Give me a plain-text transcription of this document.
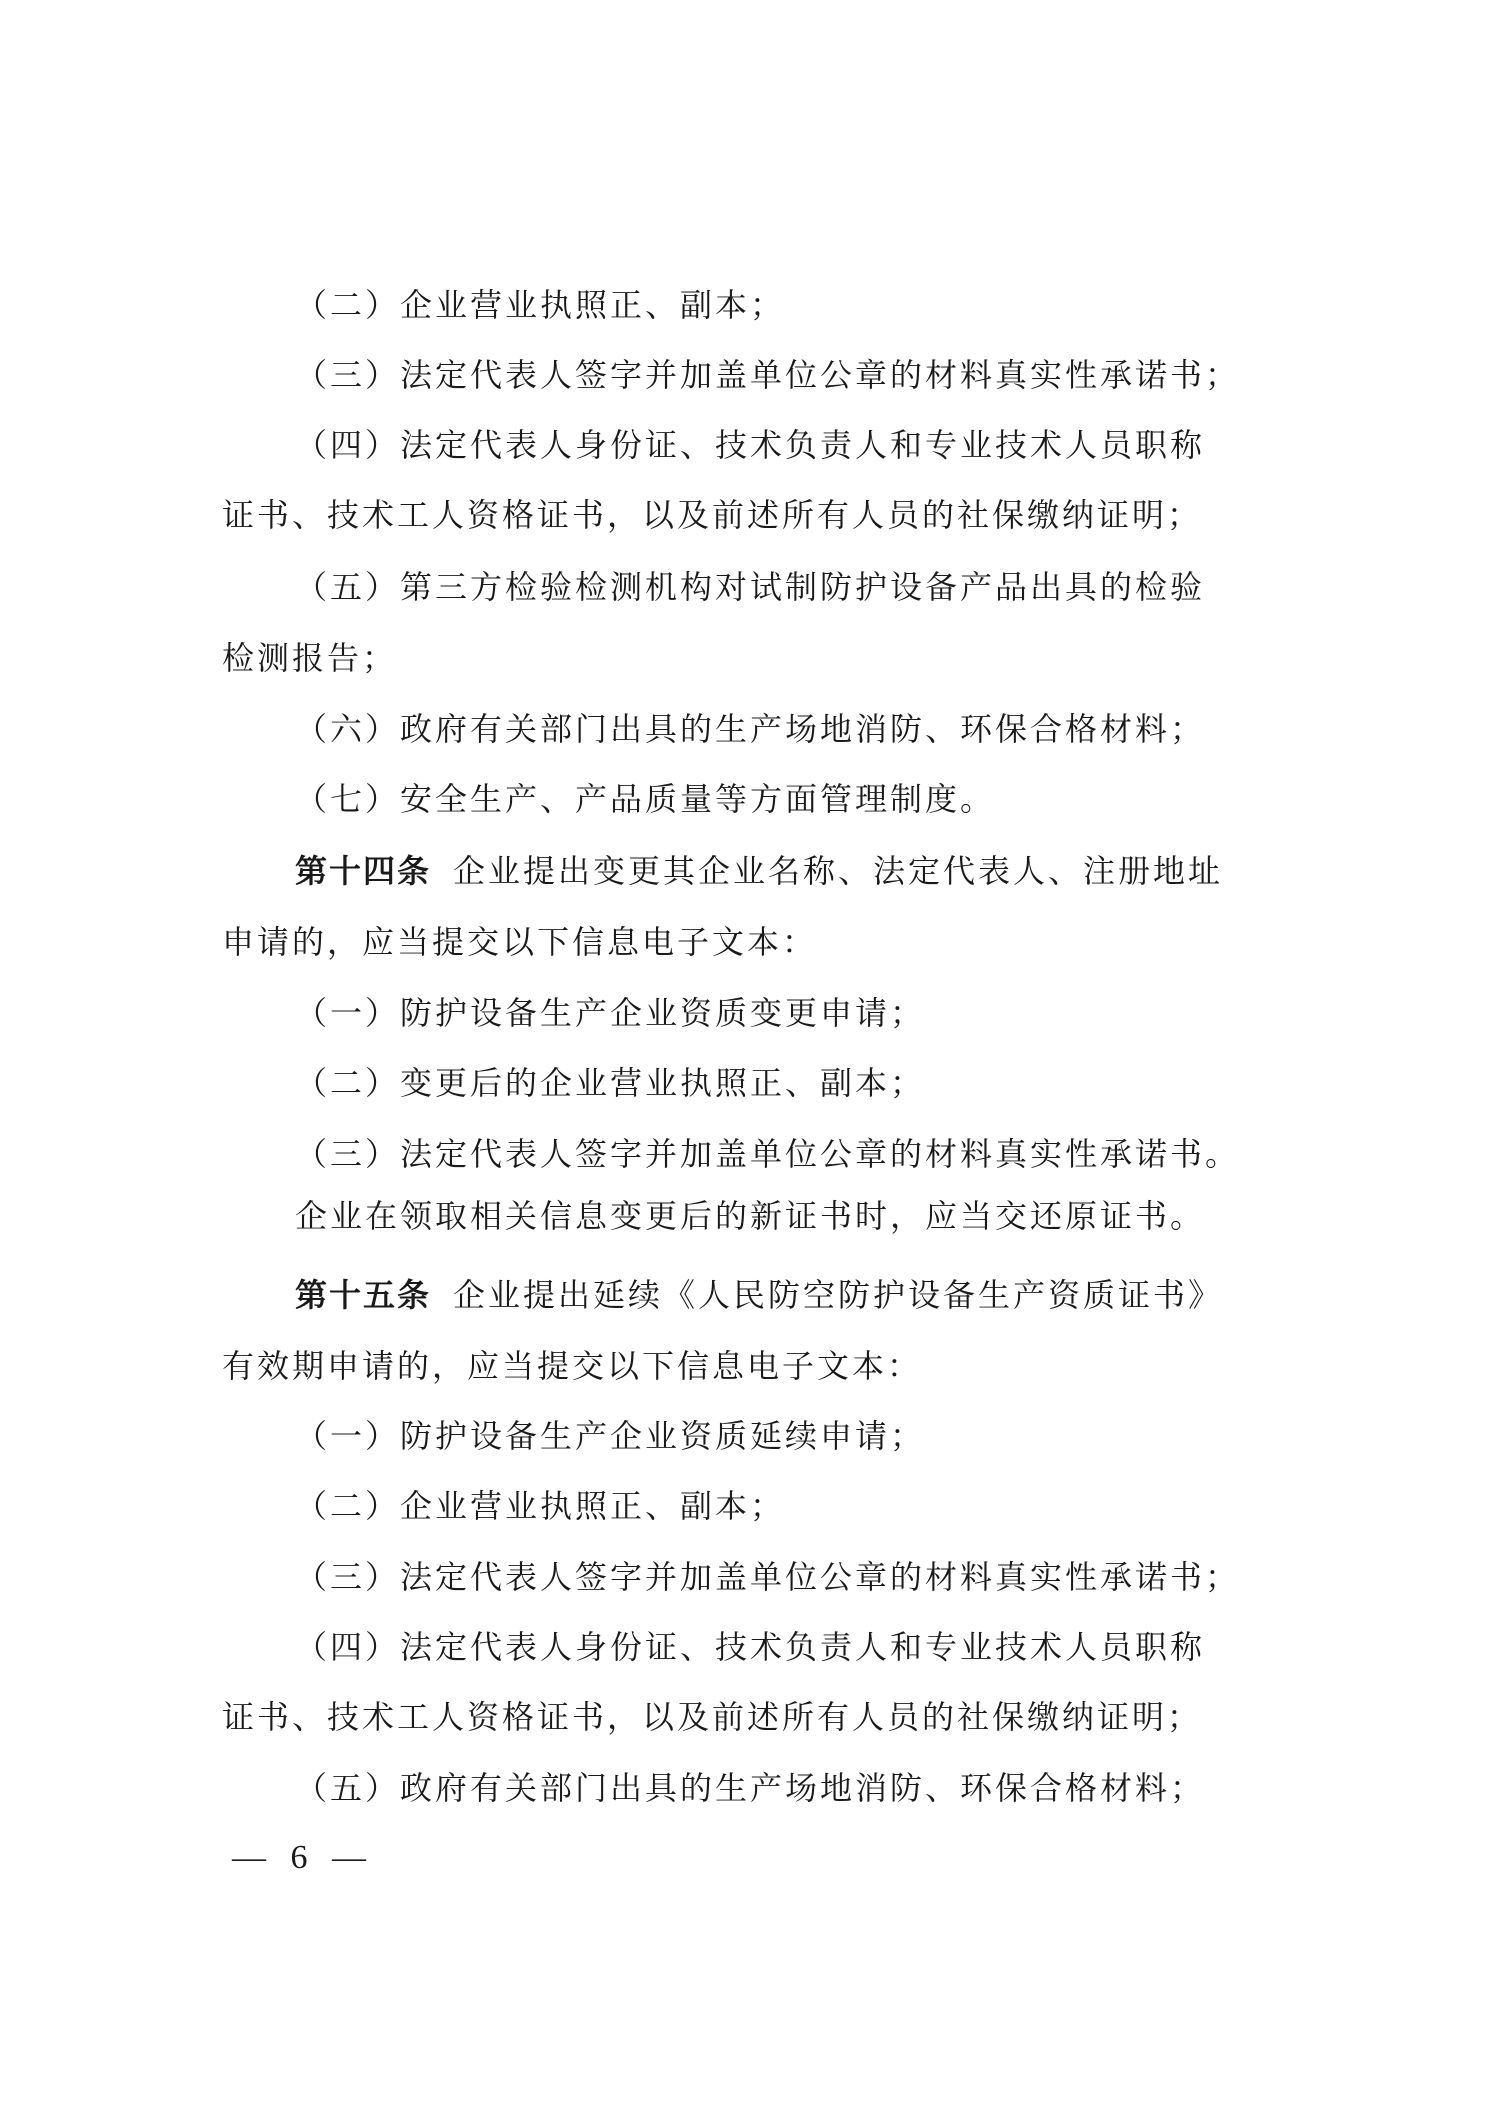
（二）企业营业执照正、副本；
（三）法定代表人签字并加盖单位公章的材料真实性承诺书；
（四）法定代表人身份证、技术负责人和专业技术人员职称
证书、技术工人资格证书，以及前述所有人员的社保缴纳证明；
（五）第三方检验检测机构对试制防护设备产品出具的检验
检测报告；
（六）政府有关部门出具的生产场地消防、环保合格材料；
（七）安全生产、产品质量等方面管理制度。
第十四条 企业提出变更其企业名称、法定代表人、注册地址
申请的，应当提交以下信息电子文本：
（一）防护设备生产企业资质变更申请；
（二）变更后的企业营业执照正、副本；
（三）法定代表人签字并加盖单位公章的材料真实性承诺书。
企业在领取相关信息变更后的新证书时，应当交还原证书。
第十五条 企业提出延续《人民防空防护设备生产资质证书》
有效期申请的，应当提交以下信息电子文本：
（一）防护设备生产企业资质延续申请；
（二）企业营业执照正、副本；
（三）法定代表人签字并加盖单位公章的材料真实性承诺书；
（四）法定代表人身份证、技术负责人和专业技术人员职称
证书、技术工人资格证书，以及前述所有人员的社保缴纳证明；
（五）政府有关部门出具的生产场地消防、环保合格材料；
— 6 —
